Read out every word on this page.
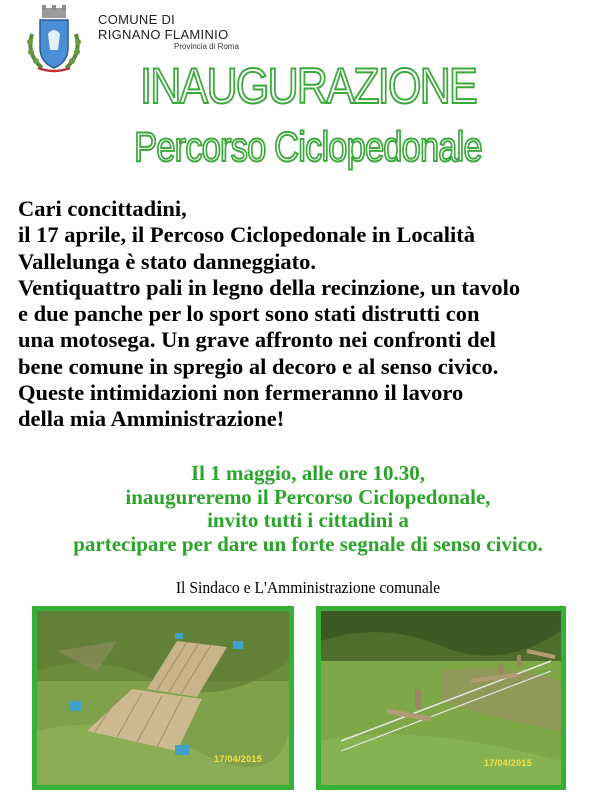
COMUNE DI
RIGNANO FLAMINIO
Provincia di Roma
INAUGURAZIONE
Percorso Ciclopedonale
Cari concittadini,
il 17 aprile, il Percoso Ciclopedonale in Località
Vallelunga è stato danneggiato.
Ventiquattro pali in legno della recinzione, un tavolo
e due panche per lo sport sono stati distrutti con
una motosega. Un grave affronto nei confronti del
bene comune in spregio al decoro e al senso civico.
Queste intimidazioni non fermeranno il lavoro
della mia Amministrazione!
Il 1 maggio, alle ore 10.30,
inaugureremo il Percorso Ciclopedonale,
invito tutti i cittadini a
partecipare per dare un forte segnale di senso civico.
Il Sindaco e L'Amministrazione comunale
17/04/2015	17/04/2015
